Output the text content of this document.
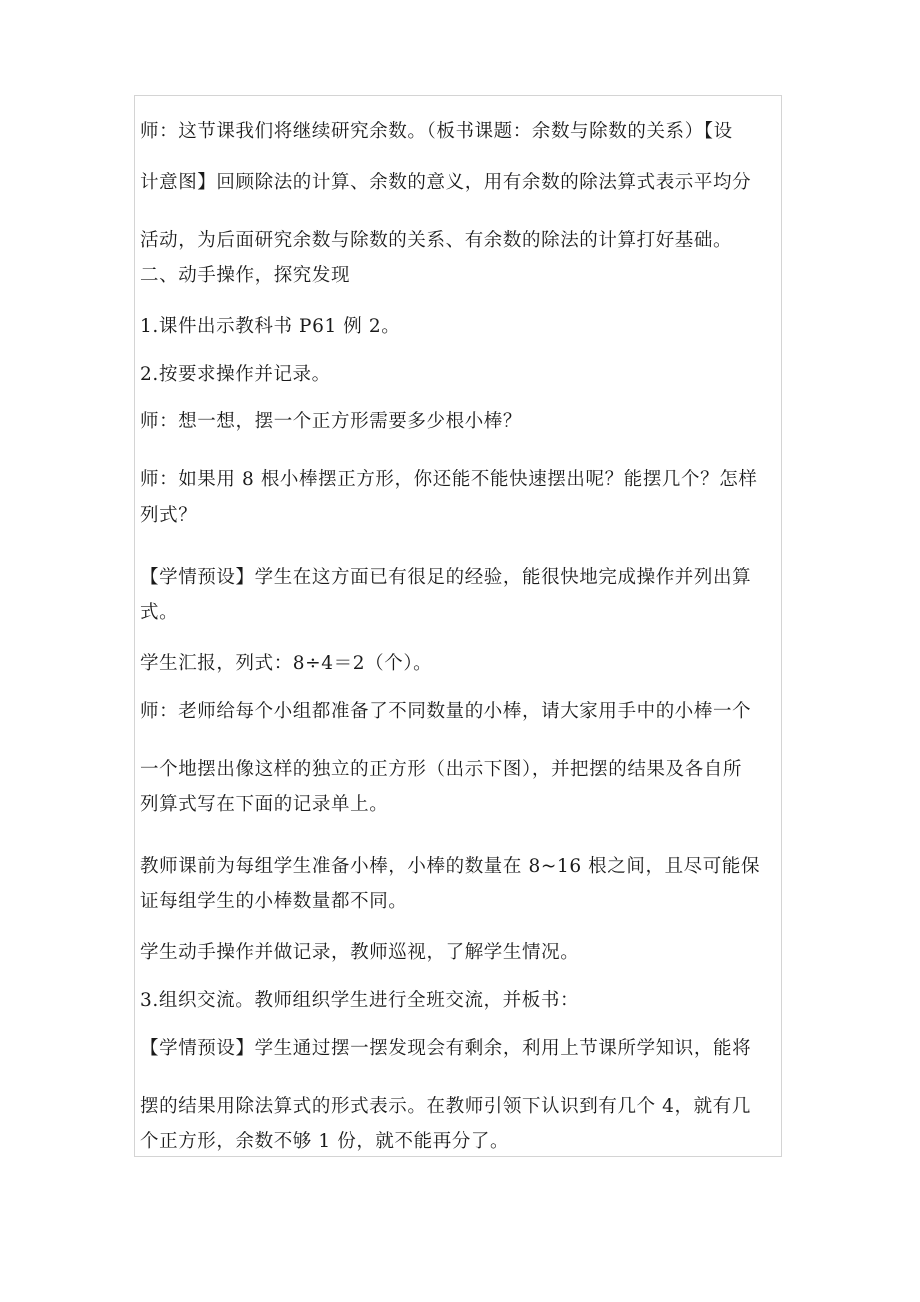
师：这节课我们将继续研究余数。（板书课题：余数与除数的关系）【设
计意图】回顾除法的计算、余数的意义，用有余数的除法算式表示平均分
活动，为后面研究余数与除数的关系、有余数的除法的计算打好基础。
二、动手操作，探究发现
1.课件出示教科书 P61 例 2。
2.按要求操作并记录。
师：想一想，摆一个正方形需要多少根小棒？
师：如果用 8 根小棒摆正方形，你还能不能快速摆出呢？能摆几个？怎样
列式？
【学情预设】学生在这方面已有很足的经验，能很快地完成操作并列出算
式。
学生汇报，列式：8÷4＝2（个）。
师：老师给每个小组都准备了不同数量的小棒，请大家用手中的小棒一个
一个地摆出像这样的独立的正方形（出示下图），并把摆的结果及各自所
列算式写在下面的记录单上。
教师课前为每组学生准备小棒，小棒的数量在 8~16 根之间，且尽可能保
证每组学生的小棒数量都不同。
学生动手操作并做记录，教师巡视，了解学生情况。
3.组织交流。教师组织学生进行全班交流，并板书：
【学情预设】学生通过摆一摆发现会有剩余，利用上节课所学知识，能将
摆的结果用除法算式的形式表示。在教师引领下认识到有几个 4，就有几
个正方形，余数不够 1 份，就不能再分了。
